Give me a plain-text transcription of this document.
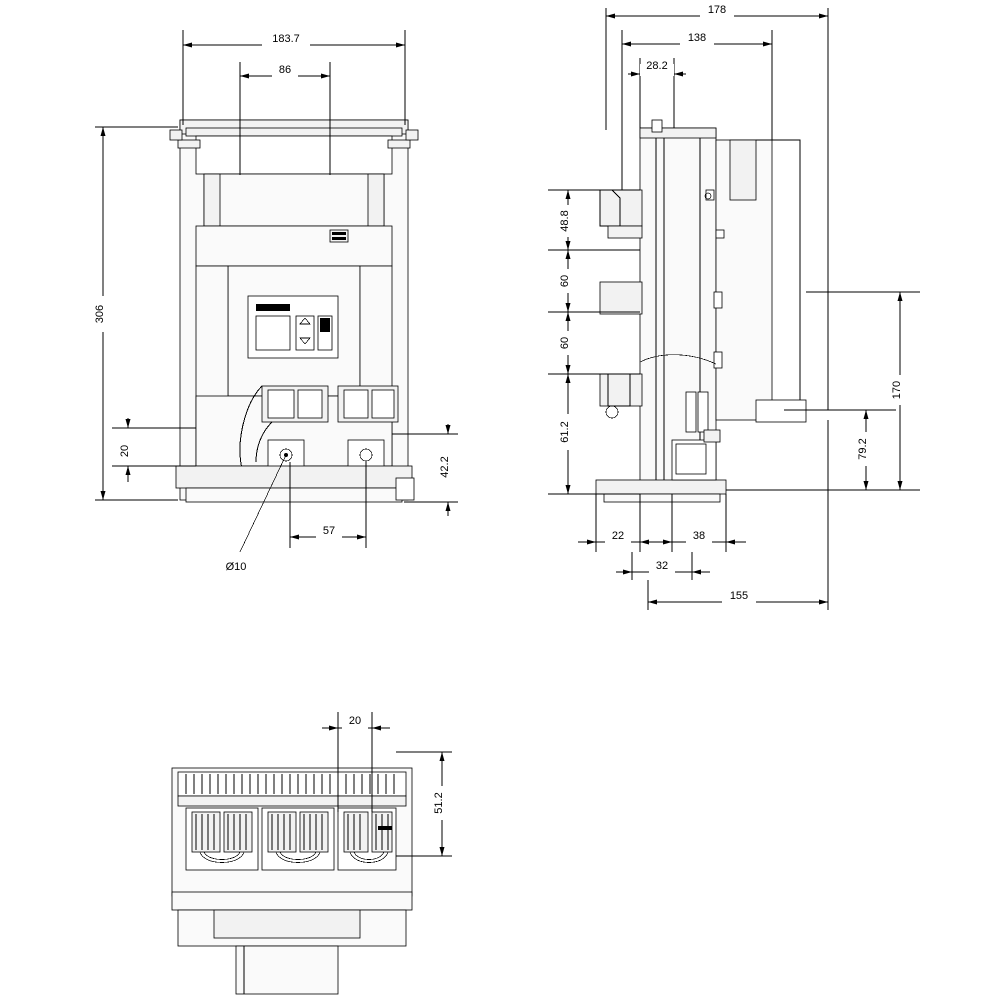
183.7
86
306
20
42.2
57
Ø10
178
138
28.2
48.8
60
60
61.2
170
79.2
22	38
32
155
20
51.2
